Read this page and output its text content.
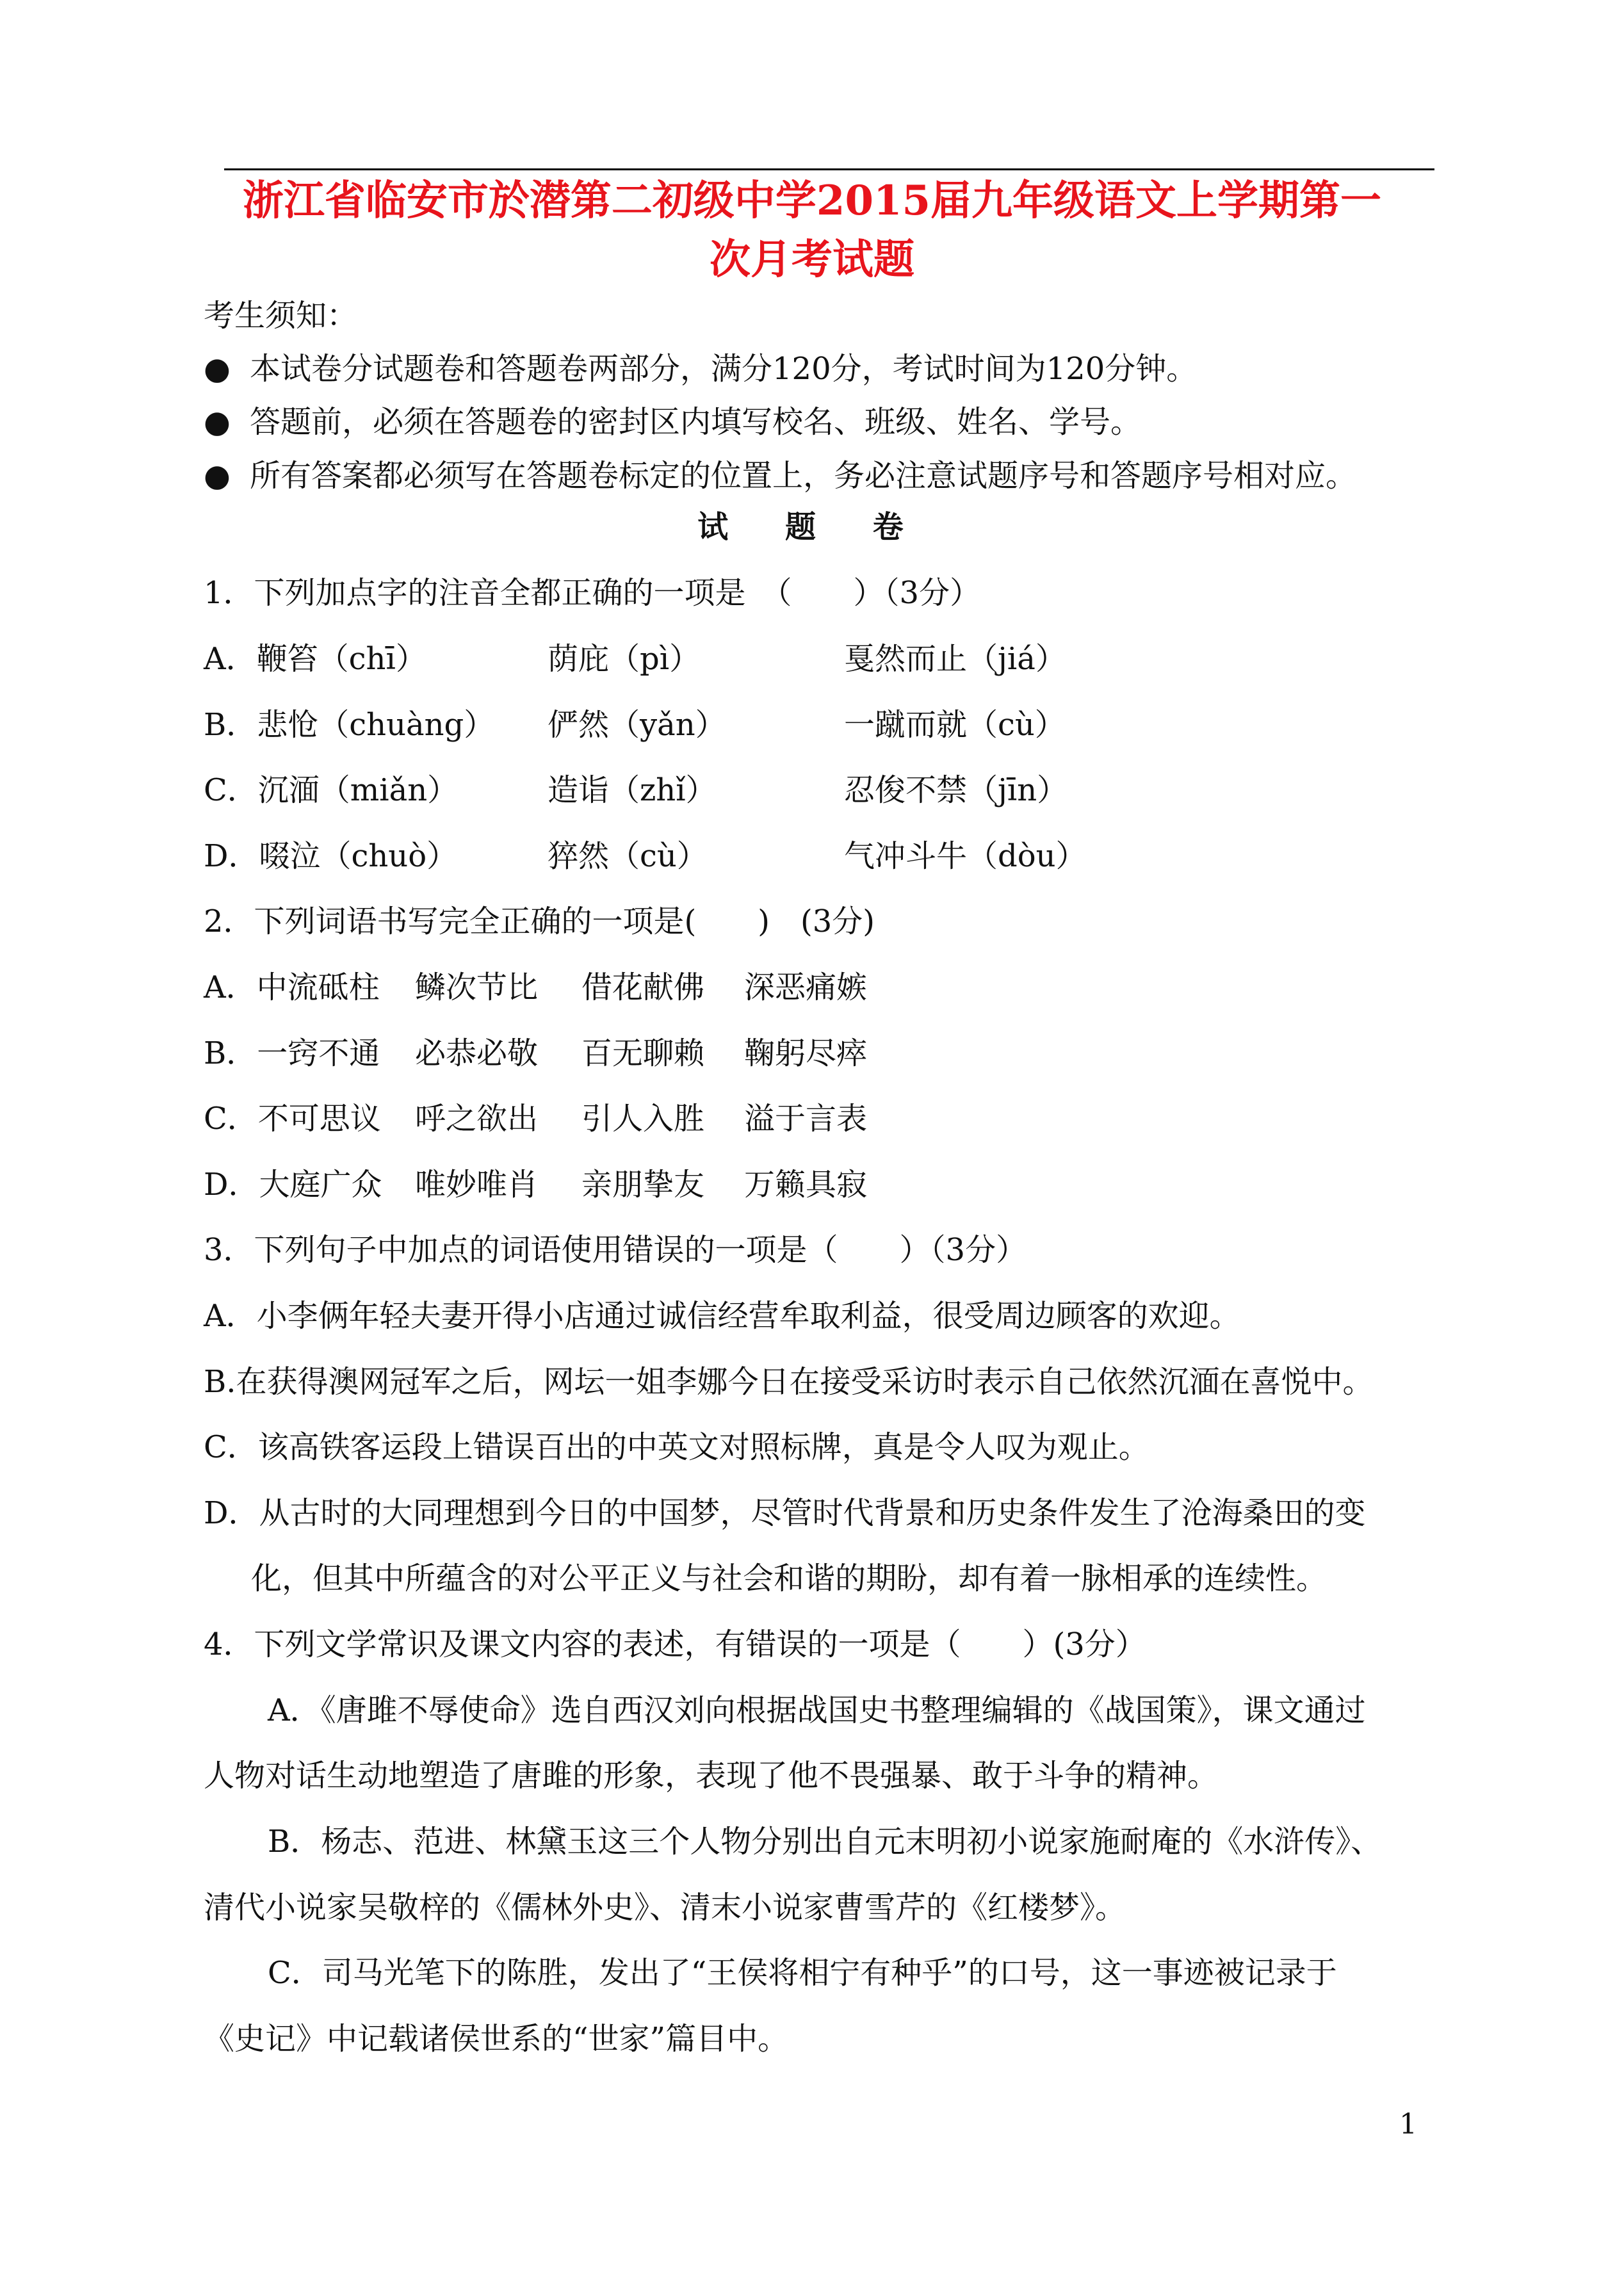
浙江省临安市於潜第二初级中学2015届九年级语文上学期第一
次月考试题
考生须知：
● 本试卷分试题卷和答题卷两部分，满分120分，考试时间为120分钟。
● 答题前，必须在答题卷的密封区内填写校名、班级、姓名、学号。
● 所有答案都必须写在答题卷标定的位置上，务必注意试题序号和答题序号相对应。
试 题 卷
1．下列加点字的注音全都正确的一项是　（　　）（3分）
A．鞭笞（chī）	荫庇（pì）	戛然而止（jiá）
B．悲怆（chuàng） 俨然（yǎn）	一蹴而就（cù）
C．沉湎（miǎn）	造诣（zhǐ）	忍俊不禁（jīn）
D．啜泣（chuò）	猝然（cù）	气冲斗牛（dòu）
2．下列词语书写完全正确的一项是(　　)　(3分)
A．中流砥柱 鳞次节比 借花献佛 深恶痛嫉
B．一窍不通 必恭必敬 百无聊赖 鞠躬尽瘁
C．不可思议 呼之欲出 引人入胜 溢于言表
D．大庭广众 唯妙唯肖 亲朋挚友 万籁具寂
3．下列句子中加点的词语使用错误的一项是（　　）（3分）
A．小李俩年轻夫妻开得小店通过诚信经营牟取利益，很受周边顾客的欢迎。
B.在获得澳网冠军之后，网坛一姐李娜今日在接受采访时表示自己依然沉湎在喜悦中。
C．该高铁客运段上错误百出的中英文对照标牌，真是令人叹为观止。
D．从古时的大同理想到今日的中国梦，尽管时代背景和历史条件发生了沧海桑田的变
化，但其中所蕴含的对公平正义与社会和谐的期盼，却有着一脉相承的连续性。
4．下列文学常识及课文内容的表述，有错误的一项是（　　）(3分）
A．《唐雎不辱使命》选自西汉刘向根据战国史书整理编辑的《战国策》，课文通过
人物对话生动地塑造了唐雎的形象，表现了他不畏强暴、敢于斗争的精神。
B．杨志、范进、林黛玉这三个人物分别出自元末明初小说家施耐庵的《水浒传》、
清代小说家吴敬梓的《儒林外史》、清末小说家曹雪芹的《红楼梦》。
C．司马光笔下的陈胜，发出了“王侯将相宁有种乎”的口号，这一事迹被记录于
《史记》中记载诸侯世系的“世家”篇目中。
1
